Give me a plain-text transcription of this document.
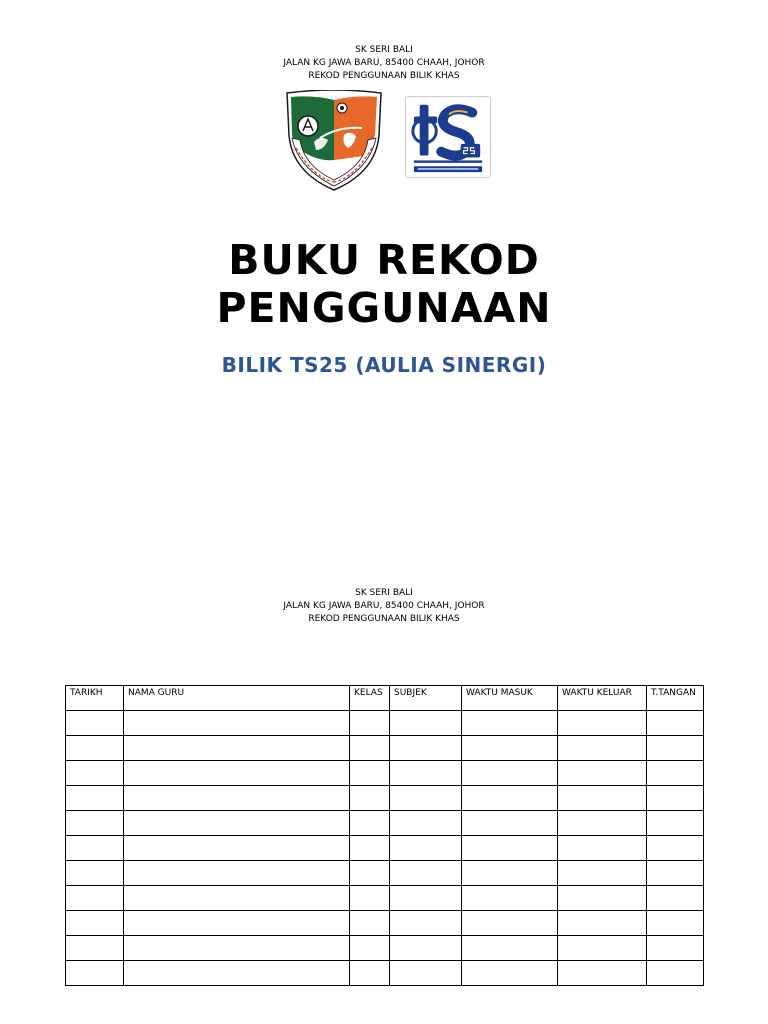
SK SERI BALI
JALAN KG JAWA BARU, 85400 CHAAH, JOHOR
REKOD PENGGUNAAN BILIK KHAS
BUKU REKOD
PENGGUNAAN
BILIK TS25 (AULIA SINERGI)
SK SERI BALI
JALAN KG JAWA BARU, 85400 CHAAH, JOHOR
REKOD PENGGUNAAN BILIK KHAS
TARIKH	NAMA GURU	KELAS	SUBJEK	WAKTU MASUK	WAKTU KELUAR	T.TANGAN
